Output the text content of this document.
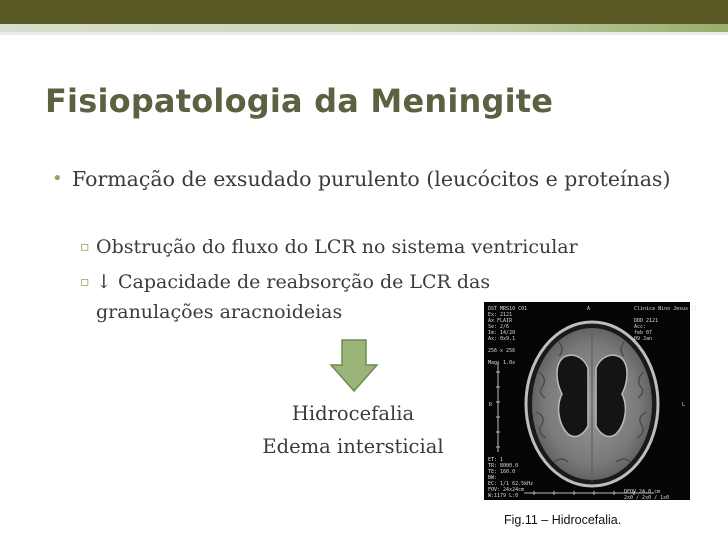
Fisiopatologia da Meningite
• Formação de exsudado purulento (leucócitos e proteínas)
▫ Obstrução do fluxo do LCR no sistema ventricular
▫ ↓ Capacidade de reabsorção de LCR das granulações aracnoideias
Hidrocefalia
Edema intersticial
DST MRS10 C01
Ex: 2121
Ax FLAIR
Se: 2/6
Im: 14/20
Ax: 0x9.1

256 x 256

Mag: 1.0x
A	Clinica Nino Jesus II

DDD 2121
Acc:
feb 07
09 Jan

ET: 1
TR: 8000.0
TE: 160.0
BW:
EC: 1/1 62.5kHz
FOV: 24x24cm
W:1179 L:0
DFOV 24.0 cm
2x0 / 2x0 / 1x0
R	L
Fig.11 – Hidrocefalia.
